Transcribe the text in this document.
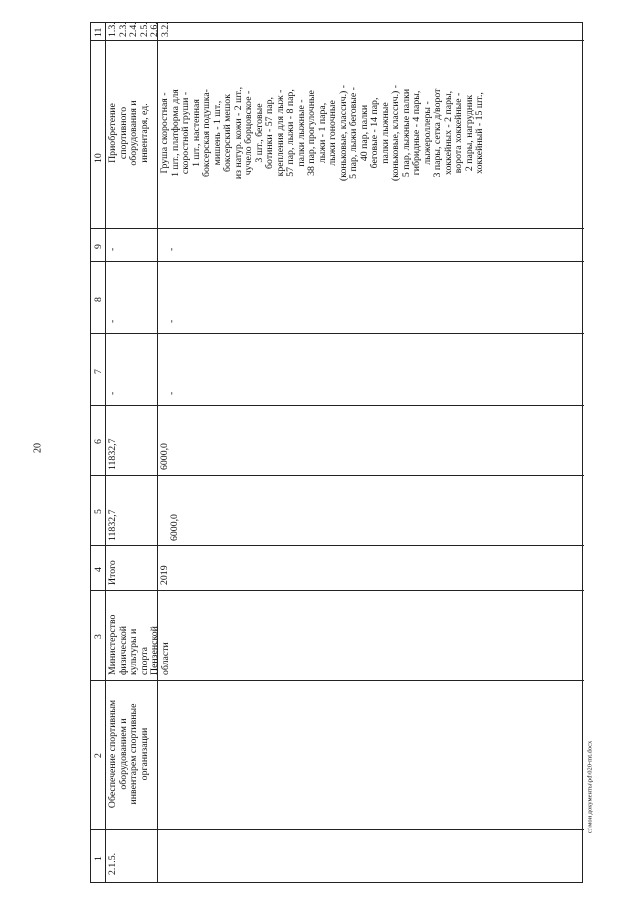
20
c:\мои документы\pd\020-mt.docx
11
10
9
8
7
6
5
4
3
2
1 2.1.5.
Обеспечение спортивным
оборудованием и
инвентарем спортивные
организации
Министерство
физической
культуры и
спорта
Пензенской
области
1.3.
2.3.
2.4.
2.5.
2.6.
3.2.
Итого
11832,7
11832,7
-
-
-
Приобретение
спортивного
оборудования и
инвентаря, ед.
2019
6000,0
6000,0
-
-
-
Груша скоростная -
1 шт., платформа для
скоростной груши -
1 шт., настенная
боксерская подушка-
мишень - 1 шт.,
боксерский мешок
из натур. кожи - 2 шт.,
чучело борцовское -
3 шт., беговые
ботинки - 57 пар,
крепления для лыж -
57 пар, лыжи - 8 пар,
палки лыжные -
38 пар, прогулочные
лыжи - 1 пара,
лыжи гоночные
(коньковые, классич.) -
5 пар, лыжи беговые -
40 пар, палки
беговые - 14 пар,
палки лыжные
(коньковые, классич.) -
5 пар, лыжные палки
гибридные - 4 пары,
лыжероллеры -
3 пары, сетка д/ворот
хоккейных - 2 пары,
ворота хоккейные -
2 пары, нагрудник
хоккейный - 15 шт.,
